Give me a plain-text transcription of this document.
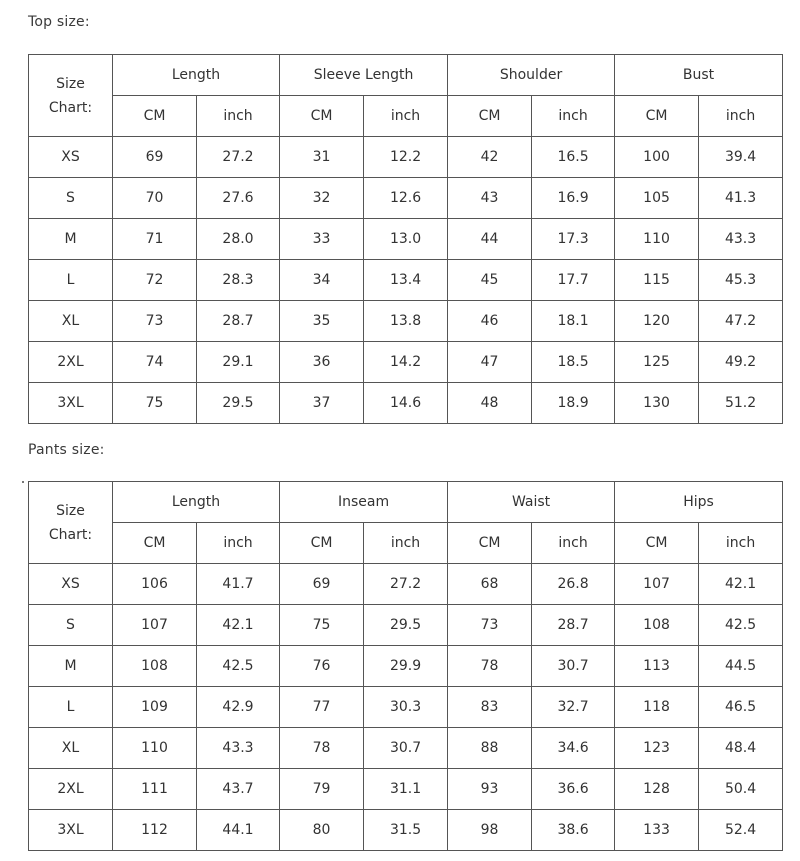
Top size:
Size
Chart:	Length		Sleeve Length		Shoulder		Bust	
	CM	inch	CM	inch	CM	inch	CM	inch
XS	69	27.2	31	12.2	42	16.5	100	39.4
S	70	27.6	32	12.6	43	16.9	105	41.3
M	71	28.0	33	13.0	44	17.3	110	43.3
L	72	28.3	34	13.4	45	17.7	115	45.3
XL	73	28.7	35	13.8	46	18.1	120	47.2
2XL	74	29.1	36	14.2	47	18.5	125	49.2
3XL	75	29.5	37	14.6	48	18.9	130	51.2
Pants size:
Size
Chart:	Length		Inseam		Waist		Hips	
	CM	inch	CM	inch	CM	inch	CM	inch
XS	106	41.7	69	27.2	68	26.8	107	42.1
S	107	42.1	75	29.5	73	28.7	108	42.5
M	108	42.5	76	29.9	78	30.7	113	44.5
L	109	42.9	77	30.3	83	32.7	118	46.5
XL	110	43.3	78	30.7	88	34.6	123	48.4
2XL	111	43.7	79	31.1	93	36.6	128	50.4
3XL	112	44.1	80	31.5	98	38.6	133	52.4
